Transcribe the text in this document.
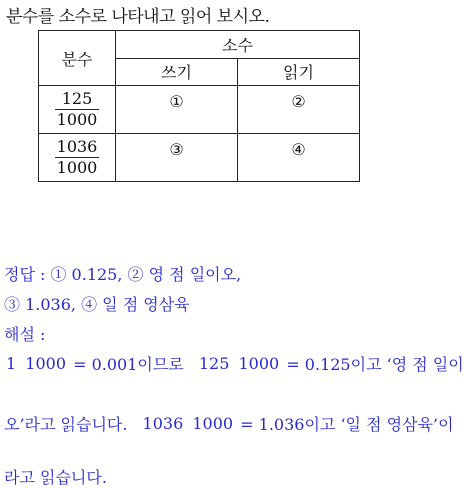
분수를 소수로 나타내고 읽어 보시오.
분수	소수	
	쓰기	읽기

$\frac{125}{1000}$	①	②

$\frac{1036}{1000}$	③	④
정답 : ① 0.125, ② 영 점 일이오,
③ 1.036, ④ 일 점 영삼육
해설 :
1 1000 = 0.001이므로 125 1000 = 0.125이고 ‘영 점 일이
오’라고 읽습니다. 1036 1000 = 1.036이고 ‘일 점 영삼육’이
라고 읽습니다.
